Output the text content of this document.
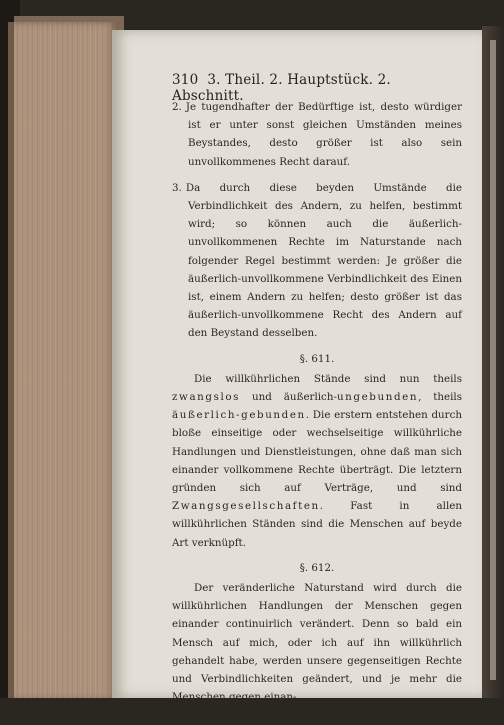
310 3. Theil. 2. Hauptstück. 2. Abschnitt.

2. Je tugendhafter der Bedürftige ist, desto würdiger ist er unter sonst gleichen Umständen meines Beystandes, desto größer ist also sein unvollkommenes Recht darauf.

3. Da durch diese beyden Umstände die Verbindlichkeit des Andern, zu helfen, bestimmt wird; so können auch die äußerlich-unvollkommenen Rechte im Naturstande nach folgender Regel bestimmt werden: Je größer die äußerlich-unvollkommene Verbindlichkeit des Einen ist, einem Andern zu helfen; desto größer ist das äußerlich-unvollkommene Recht des Andern auf den Beystand desselben.

§. 611.

Die willkührlichen Stände sind nun theils zwangslos und äußerlich-ungebunden, theils äußerlich-gebunden. Die erstern entstehen durch bloße einseitige oder wechselseitige willkührliche Handlungen und Dienstleistungen, ohne daß man sich einander vollkommene Rechte überträgt. Die letztern gründen sich auf Verträge, und sind Zwangsgesellschaften. Fast in allen willkührlichen Ständen sind die Menschen auf beyde Art verknüpft.

§. 612.

Der veränderliche Naturstand wird durch die willkührlichen Handlungen der Menschen gegen einander continuirlich verändert. Denn so bald ein Mensch auf mich, oder ich auf ihn willkührlich gehandelt habe, werden unsere gegenseitigen Rechte und Verbindlichkeiten geändert, und je mehr die Menschen gegen einan-

der
